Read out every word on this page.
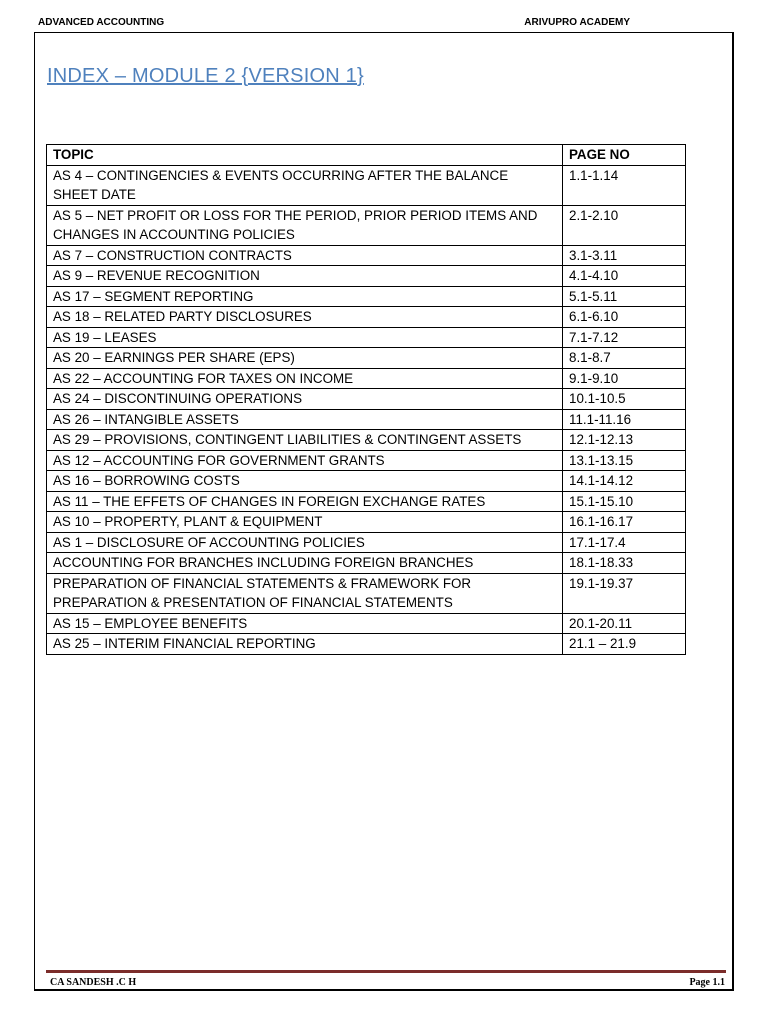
ADVANCED ACCOUNTING	ARIVUPRO ACADEMY
INDEX – MODULE 2 {VERSION 1}
TOPIC	PAGE NO
AS 4 – CONTINGENCIES & EVENTS OCCURRING AFTER THE BALANCE SHEET DATE	1.1-1.14
AS 5 – NET PROFIT OR LOSS FOR THE PERIOD, PRIOR PERIOD ITEMS AND CHANGES IN ACCOUNTING POLICIES	2.1-2.10
AS 7 – CONSTRUCTION CONTRACTS	3.1-3.11
AS 9 – REVENUE RECOGNITION	4.1-4.10
AS 17 – SEGMENT REPORTING	5.1-5.11
AS 18 – RELATED PARTY DISCLOSURES	6.1-6.10
AS 19 – LEASES	7.1-7.12
AS 20 – EARNINGS PER SHARE (EPS)	8.1-8.7
AS 22 – ACCOUNTING FOR TAXES ON INCOME	9.1-9.10
AS 24 – DISCONTINUING OPERATIONS	10.1-10.5
AS 26 – INTANGIBLE ASSETS	11.1-11.16
AS 29 – PROVISIONS, CONTINGENT LIABILITIES & CONTINGENT ASSETS	12.1-12.13
AS 12 – ACCOUNTING FOR GOVERNMENT GRANTS	13.1-13.15
AS 16 – BORROWING COSTS	14.1-14.12
AS 11 – THE EFFETS OF CHANGES IN FOREIGN EXCHANGE RATES	15.1-15.10
AS 10 – PROPERTY, PLANT & EQUIPMENT	16.1-16.17
AS 1 – DISCLOSURE OF ACCOUNTING POLICIES	17.1-17.4
ACCOUNTING FOR BRANCHES INCLUDING FOREIGN BRANCHES	18.1-18.33
PREPARATION OF FINANCIAL STATEMENTS & FRAMEWORK FOR PREPARATION & PRESENTATION OF FINANCIAL STATEMENTS	19.1-19.37
AS 15 – EMPLOYEE BENEFITS	20.1-20.11
AS 25 – INTERIM FINANCIAL REPORTING	21.1 – 21.9
CA SANDESH .C H	Page 1.1
